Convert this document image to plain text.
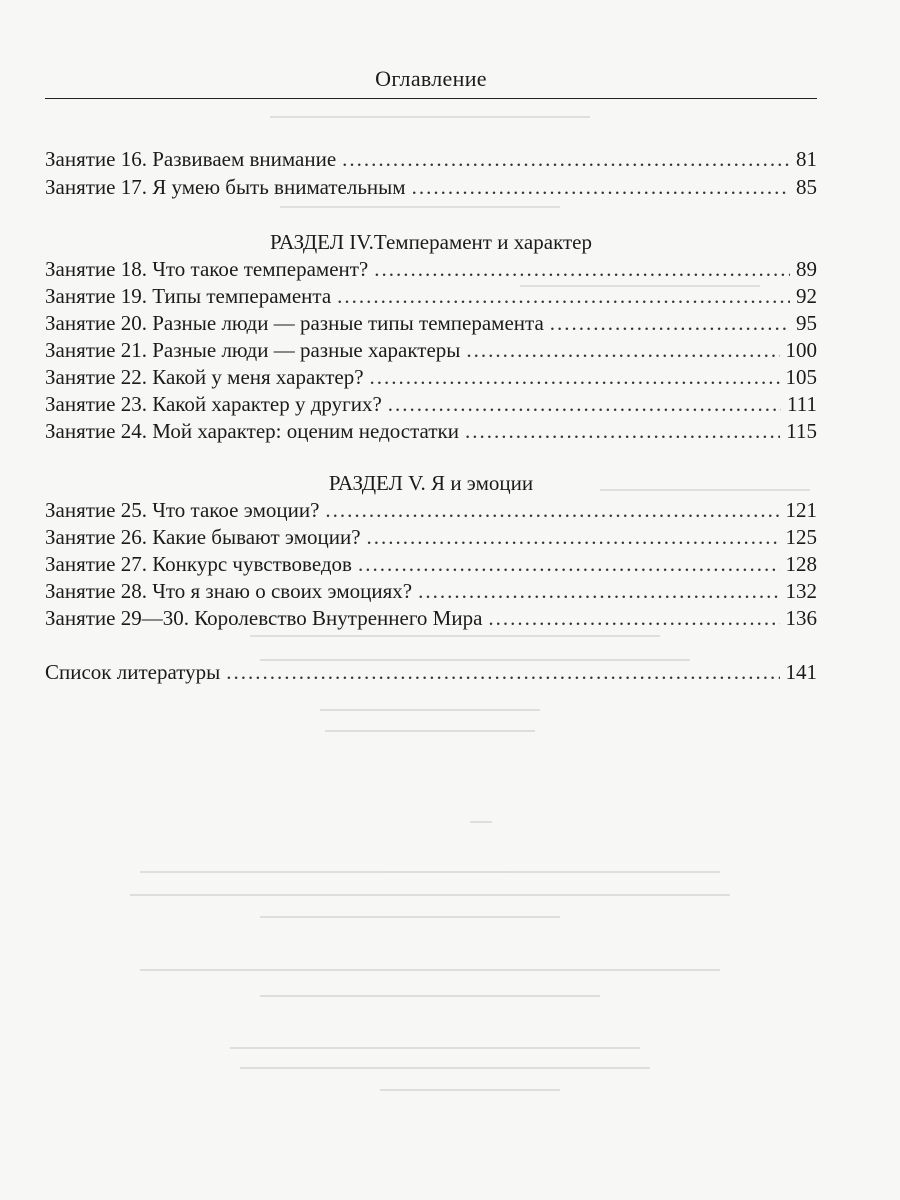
Оглавление
Занятие 16. Развиваем внимание .....	81
Занятие 17. Я умею быть внимательным .....	85
РАЗДЕЛ IV.Темперамент и характер
Занятие 18. Что такое темперамент? .....	89
Занятие 19. Типы темперамента .....	92
Занятие 20. Разные люди — разные типы темперамента .....	95
Занятие 21. Разные люди — разные характеры .....	100
Занятие 22. Какой у меня характер? .....	105
Занятие 23. Какой характер у других? .....	111
Занятие 24. Мой характер: оценим недостатки .....	115
РАЗДЕЛ V. Я и эмоции
Занятие 25. Что такое эмоции? .....	121
Занятие 26. Какие бывают эмоции? .....	125
Занятие 27. Конкурс чувствоведов .....	128
Занятие 28. Что я знаю о своих эмоциях? .....	132
Занятие 29—30. Королевство Внутреннего Мира .....	136
Список литературы .....	141
